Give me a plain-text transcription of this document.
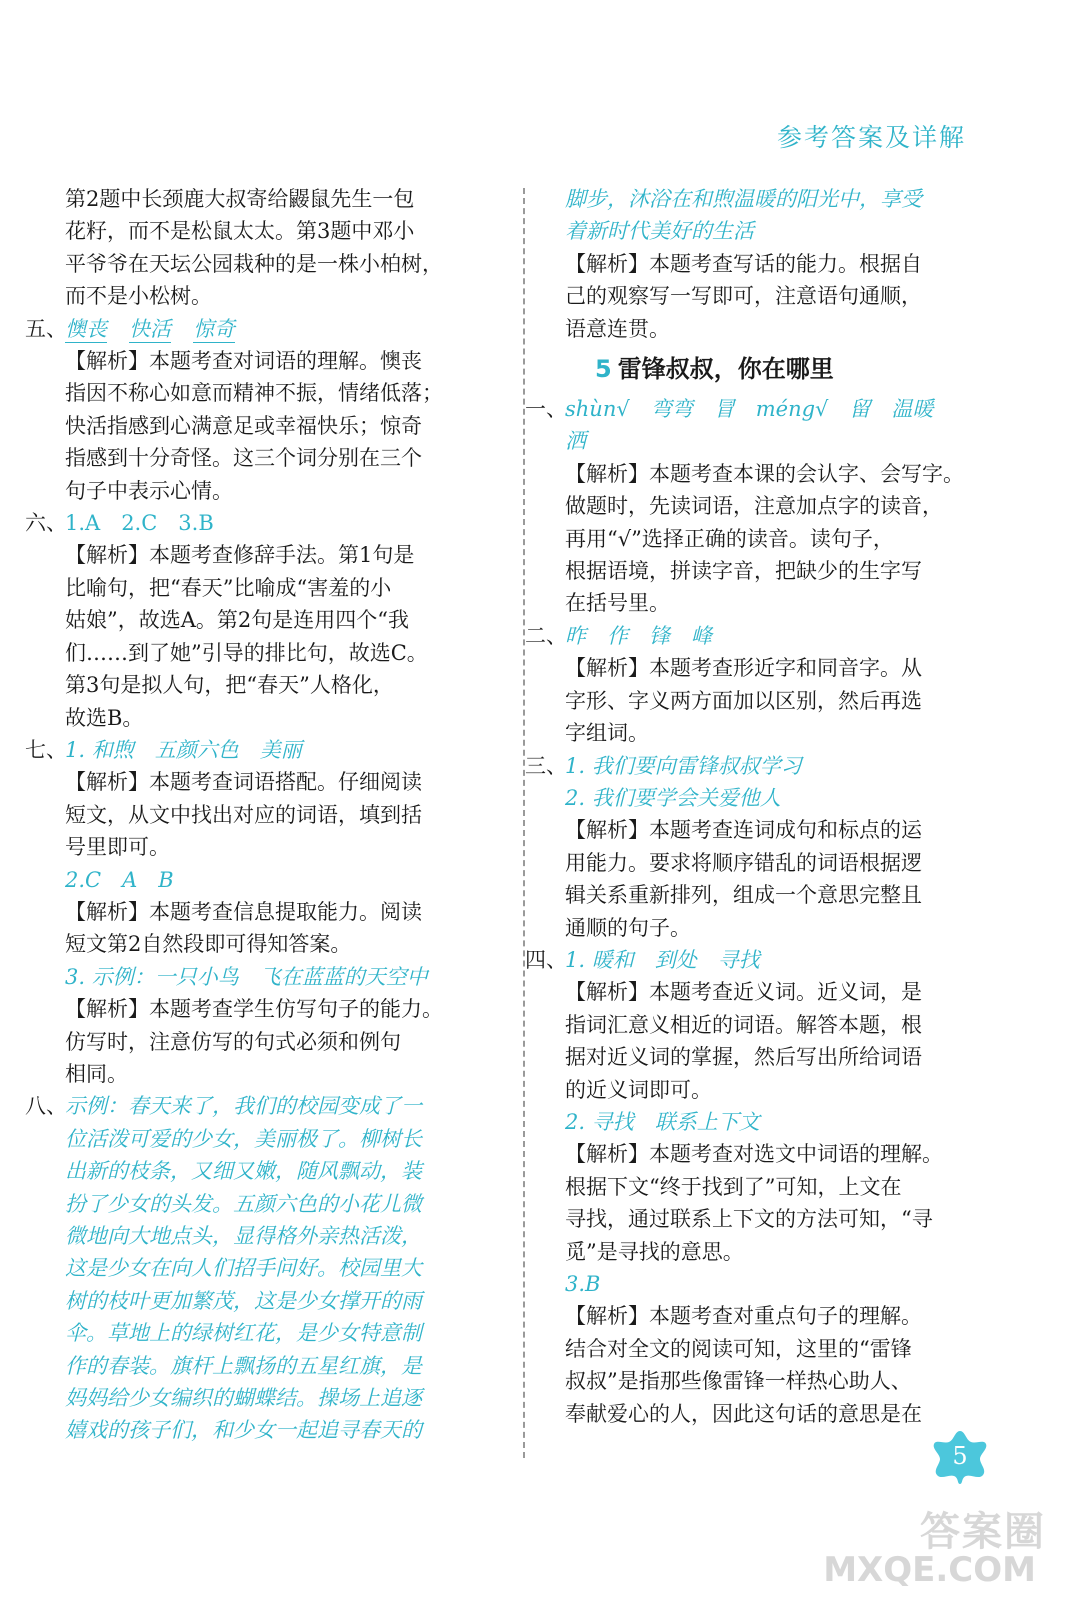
参考答案及详解
第2题中长颈鹿大叔寄给鼹鼠先生一包
花籽，而不是松鼠太太。第3题中邓小
平爷爷在天坛公园栽种的是一株小柏树，
而不是小松树。
五、懊丧 快活 惊奇
【解析】本题考查对词语的理解。懊丧
指因不称心如意而精神不振，情绪低落；
快活指感到心满意足或幸福快乐；惊奇
指感到十分奇怪。这三个词分别在三个
句子中表示心情。
六、1.A　2.C　3.B
【解析】本题考查修辞手法。第1句是
比喻句，把“春天”比喻成“害羞的小
姑娘”，故选A。第2句是连用四个“我
们……到了她”引导的排比句，故选C。
第3句是拟人句，把“春天”人格化，
故选B。
七、1. 和煦　五颜六色　美丽
【解析】本题考查词语搭配。仔细阅读
短文，从文中找出对应的词语，填到括
号里即可。
2.C　A　B
【解析】本题考查信息提取能力。阅读
短文第2自然段即可得知答案。
3. 示例：一只小鸟　飞在蓝蓝的天空中
【解析】本题考查学生仿写句子的能力。
仿写时，注意仿写的句式必须和例句
相同。
八、示例：春天来了，我们的校园变成了一
位活泼可爱的少女，美丽极了。柳树长
出新的枝条，又细又嫩，随风飘动，装
扮了少女的头发。五颜六色的小花儿微
微地向大地点头，显得格外亲热活泼，
这是少女在向人们招手问好。校园里大
树的枝叶更加繁茂，这是少女撑开的雨
伞。草地上的绿树红花，是少女特意制
作的春装。旗杆上飘扬的五星红旗，是
妈妈给少女编织的蝴蝶结。操场上追逐
嬉戏的孩子们，和少女一起追寻春天的
脚步，沐浴在和煦温暖的阳光中，享受
着新时代美好的生活
【解析】本题考查写话的能力。根据自
己的观察写一写即可，注意语句通顺，
语意连贯。
5 雷锋叔叔，你在哪里
一、shùn√　弯弯　冒　méng√　留　温暖
洒
【解析】本题考查本课的会认字、会写字。
做题时，先读词语，注意加点字的读音，
再用“√”选择正确的读音。读句子，
根据语境，拼读字音，把缺少的生字写
在括号里。
二、昨　作　锋　峰
【解析】本题考查形近字和同音字。从
字形、字义两方面加以区别，然后再选
字组词。
三、1. 我们要向雷锋叔叔学习
2. 我们要学会关爱他人
【解析】本题考查连词成句和标点的运
用能力。要求将顺序错乱的词语根据逻
辑关系重新排列，组成一个意思完整且
通顺的句子。
四、1. 暖和　到处　寻找
【解析】本题考查近义词。近义词，是
指词汇意义相近的词语。解答本题，根
据对近义词的掌握，然后写出所给词语
的近义词即可。
2. 寻找　联系上下文
【解析】本题考查对选文中词语的理解。
根据下文“终于找到了”可知，上文在
寻找，通过联系上下文的方法可知，“寻
觅”是寻找的意思。
3.B
【解析】本题考查对重点句子的理解。
结合对全文的阅读可知，这里的“雷锋
叔叔”是指那些像雷锋一样热心助人、
奉献爱心的人，因此这句话的意思是在
5
答案圈
MXQE.COM
